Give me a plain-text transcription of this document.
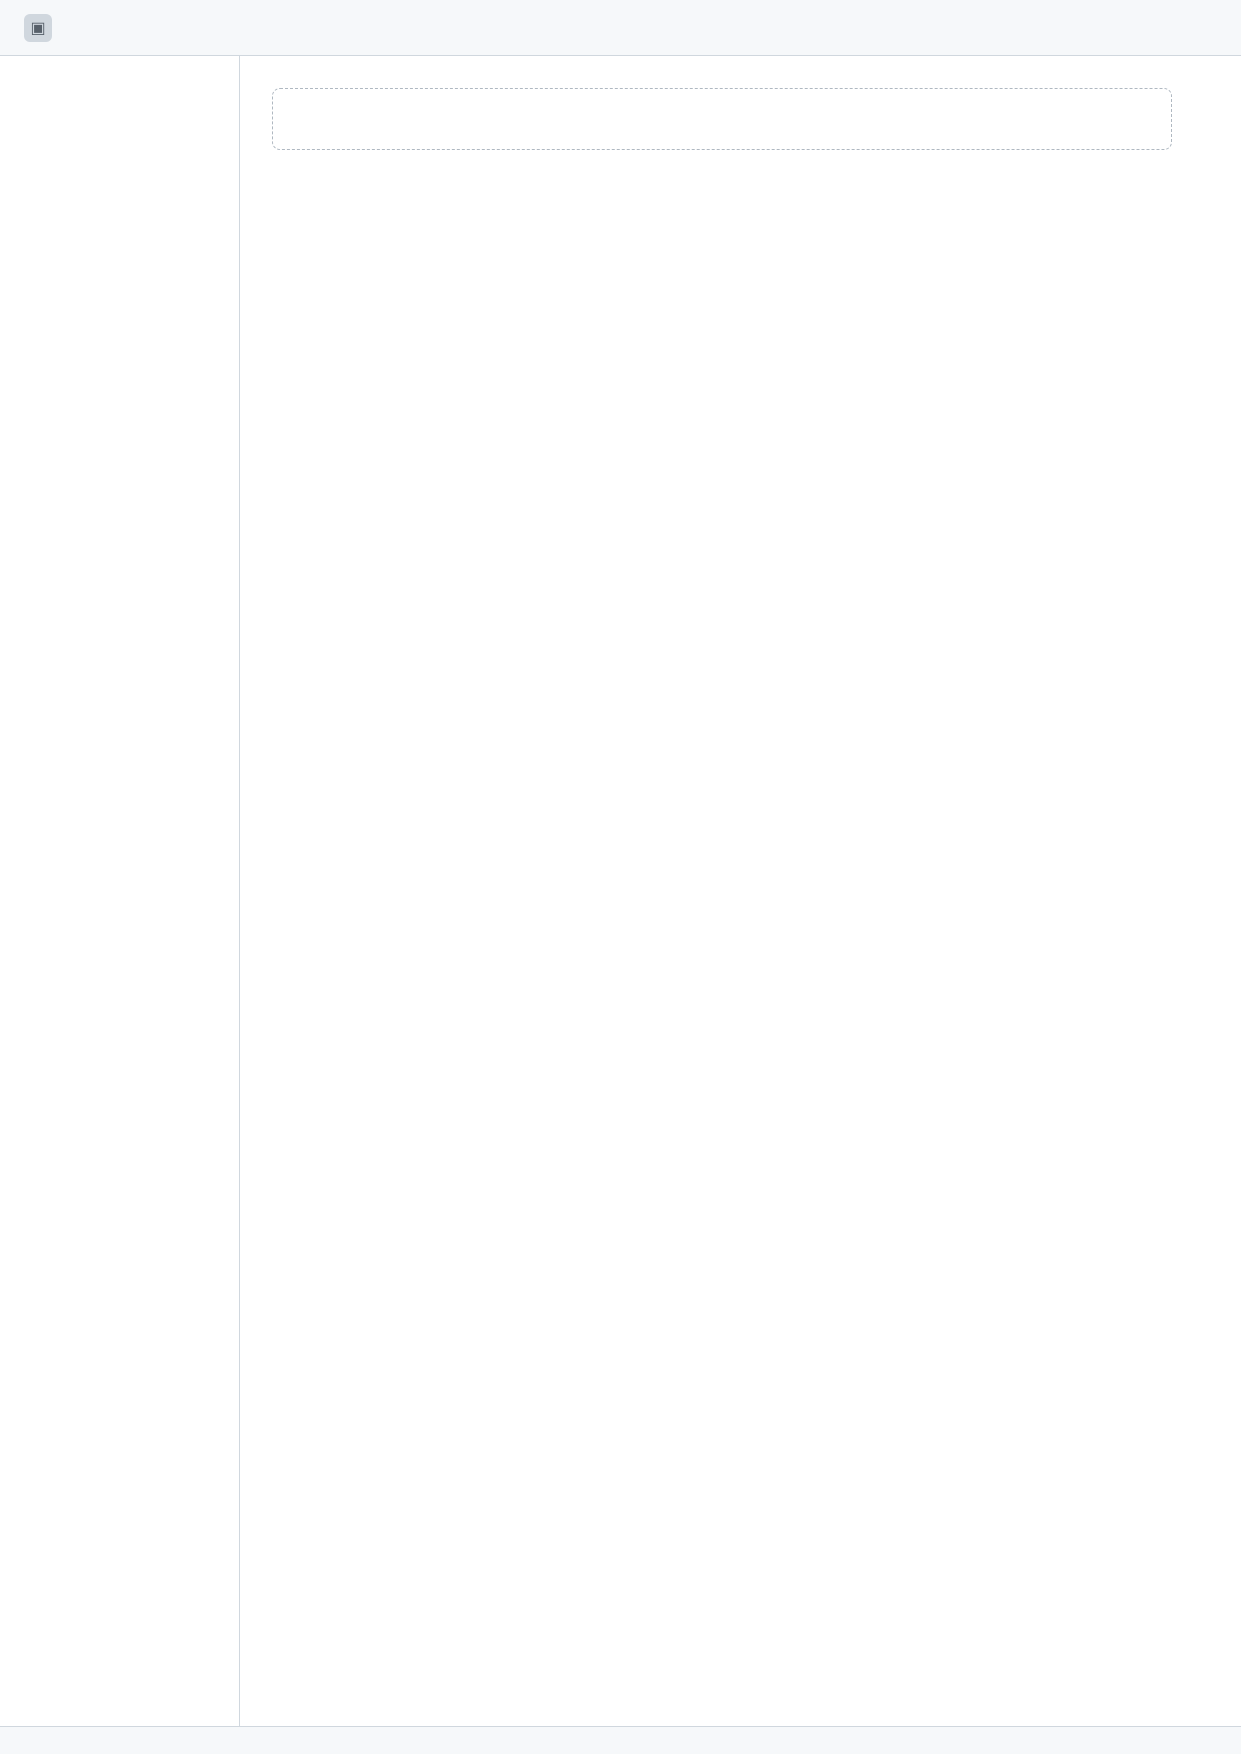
▣
